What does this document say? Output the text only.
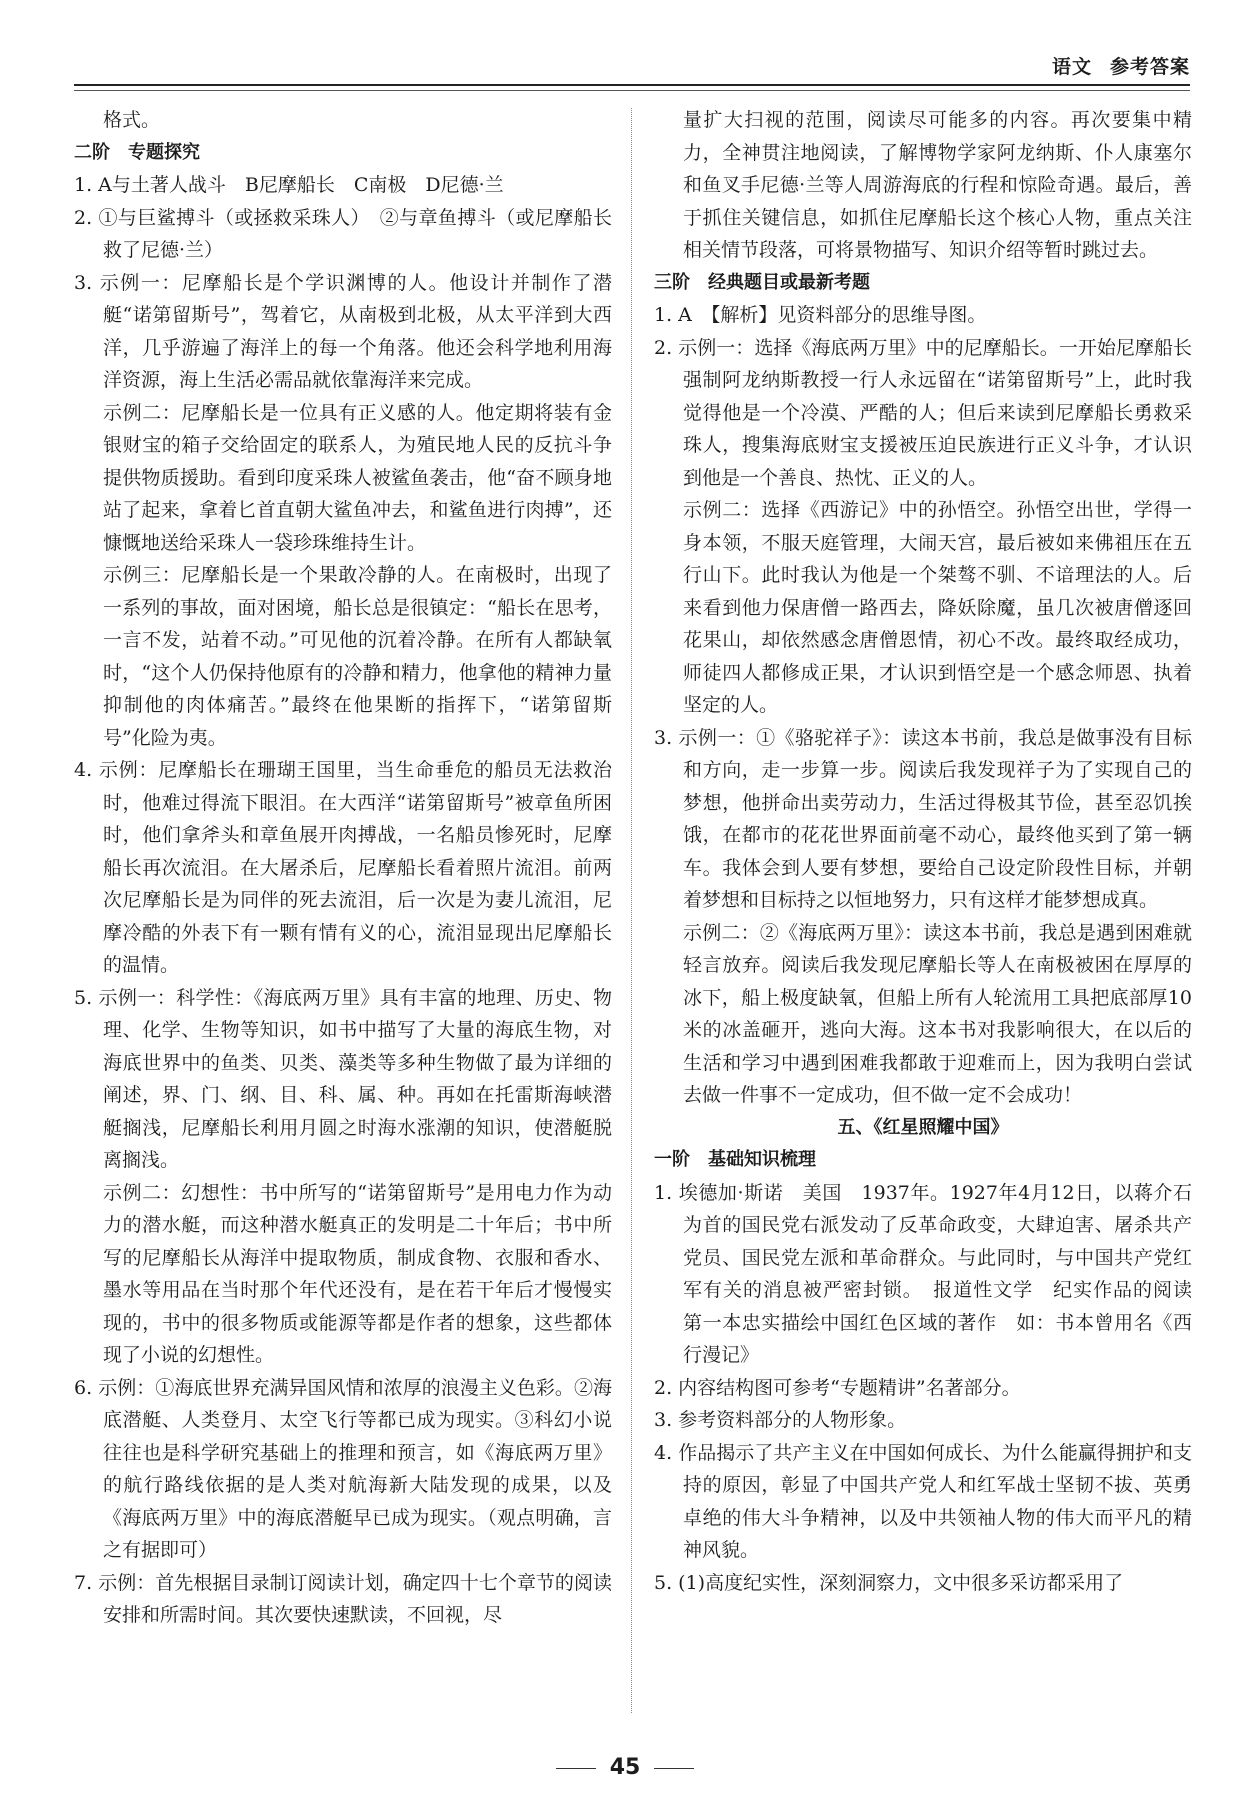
语文 参考答案

格式。

二阶　专题探究

1. A与土著人战斗　B尼摩船长　C南极　D尼德·兰

2. ①与巨鲨搏斗（或拯救采珠人）　②与章鱼搏斗（或尼摩船长救了尼德·兰）

3. 示例一：尼摩船长是个学识渊博的人。他设计并制作了潜艇“诺第留斯号”，驾着它，从南极到北极，从太平洋到大西洋，几乎游遍了海洋上的每一个角落。他还会科学地利用海洋资源，海上生活必需品就依靠海洋来完成。

示例二：尼摩船长是一位具有正义感的人。他定期将装有金银财宝的箱子交给固定的联系人，为殖民地人民的反抗斗争提供物质援助。看到印度采珠人被鲨鱼袭击，他“奋不顾身地站了起来，拿着匕首直朝大鲨鱼冲去，和鲨鱼进行肉搏”，还慷慨地送给采珠人一袋珍珠维持生计。

示例三：尼摩船长是一个果敢冷静的人。在南极时，出现了一系列的事故，面对困境，船长总是很镇定：“船长在思考，一言不发，站着不动。”可见他的沉着冷静。在所有人都缺氧时，“这个人仍保持他原有的冷静和精力，他拿他的精神力量抑制他的肉体痛苦。”最终在他果断的指挥下，“诺第留斯号”化险为夷。

4. 示例：尼摩船长在珊瑚王国里，当生命垂危的船员无法救治时，他难过得流下眼泪。在大西洋“诺第留斯号”被章鱼所困时，他们拿斧头和章鱼展开肉搏战，一名船员惨死时，尼摩船长再次流泪。在大屠杀后，尼摩船长看着照片流泪。前两次尼摩船长是为同伴的死去流泪，后一次是为妻儿流泪，尼摩冷酷的外表下有一颗有情有义的心，流泪显现出尼摩船长的温情。

5. 示例一：科学性：《海底两万里》具有丰富的地理、历史、物理、化学、生物等知识，如书中描写了大量的海底生物，对海底世界中的鱼类、贝类、藻类等多种生物做了最为详细的阐述，界、门、纲、目、科、属、种。再如在托雷斯海峡潜艇搁浅，尼摩船长利用月圆之时海水涨潮的知识，使潜艇脱离搁浅。

示例二：幻想性：书中所写的“诺第留斯号”是用电力作为动力的潜水艇，而这种潜水艇真正的发明是二十年后；书中所写的尼摩船长从海洋中提取物质，制成食物、衣服和香水、墨水等用品在当时那个年代还没有，是在若干年后才慢慢实现的，书中的很多物质或能源等都是作者的想象，这些都体现了小说的幻想性。

6. 示例：①海底世界充满异国风情和浓厚的浪漫主义色彩。②海底潜艇、人类登月、太空飞行等都已成为现实。③科幻小说往往也是科学研究基础上的推理和预言，如《海底两万里》的航行路线依据的是人类对航海新大陆发现的成果，以及《海底两万里》中的海底潜艇早已成为现实。（观点明确，言之有据即可）

7. 示例：首先根据目录制订阅读计划，确定四十七个章节的阅读安排和所需时间。其次要快速默读，不回视，尽

量扩大扫视的范围，阅读尽可能多的内容。再次要集中精力，全神贯注地阅读，了解博物学家阿龙纳斯、仆人康塞尔和鱼叉手尼德·兰等人周游海底的行程和惊险奇遇。最后，善于抓住关键信息，如抓住尼摩船长这个核心人物，重点关注相关情节段落，可将景物描写、知识介绍等暂时跳过去。

三阶　经典题目或最新考题

1. A　【解析】见资料部分的思维导图。

2. 示例一：选择《海底两万里》中的尼摩船长。一开始尼摩船长强制阿龙纳斯教授一行人永远留在“诺第留斯号”上，此时我觉得他是一个冷漠、严酷的人；但后来读到尼摩船长勇救采珠人，搜集海底财宝支援被压迫民族进行正义斗争，才认识到他是一个善良、热忱、正义的人。

示例二：选择《西游记》中的孙悟空。孙悟空出世，学得一身本领，不服天庭管理，大闹天宫，最后被如来佛祖压在五行山下。此时我认为他是一个桀骜不驯、不谙理法的人。后来看到他力保唐僧一路西去，降妖除魔，虽几次被唐僧逐回花果山，却依然感念唐僧恩情，初心不改。最终取经成功，师徒四人都修成正果，才认识到悟空是一个感念师恩、执着坚定的人。

3. 示例一：①《骆驼祥子》：读这本书前，我总是做事没有目标和方向，走一步算一步。阅读后我发现祥子为了实现自己的梦想，他拼命出卖劳动力，生活过得极其节俭，甚至忍饥挨饿，在都市的花花世界面前毫不动心，最终他买到了第一辆车。我体会到人要有梦想，要给自己设定阶段性目标，并朝着梦想和目标持之以恒地努力，只有这样才能梦想成真。

示例二：②《海底两万里》：读这本书前，我总是遇到困难就轻言放弃。阅读后我发现尼摩船长等人在南极被困在厚厚的冰下，船上极度缺氧，但船上所有人轮流用工具把底部厚10米的冰盖砸开，逃向大海。这本书对我影响很大，在以后的生活和学习中遇到困难我都敢于迎难而上，因为我明白尝试去做一件事不一定成功，但不做一定不会成功！

五、《红星照耀中国》

一阶　基础知识梳理

1. 埃德加·斯诺　美国　1937年。1927年4月12日，以蒋介石为首的国民党右派发动了反革命政变，大肆迫害、屠杀共产党员、国民党左派和革命群众。与此同时，与中国共产党红军有关的消息被严密封锁。　报道性文学　纪实作品的阅读　第一本忠实描绘中国红色区域的著作　如：书本曾用名《西行漫记》

2. 内容结构图可参考“专题精讲”名著部分。

3. 参考资料部分的人物形象。

4. 作品揭示了共产主义在中国如何成长、为什么能赢得拥护和支持的原因，彰显了中国共产党人和红军战士坚韧不拔、英勇卓绝的伟大斗争精神，以及中共领袖人物的伟大而平凡的精神风貌。

5. (1)高度纪实性，深刻洞察力，文中很多采访都采用了

45
